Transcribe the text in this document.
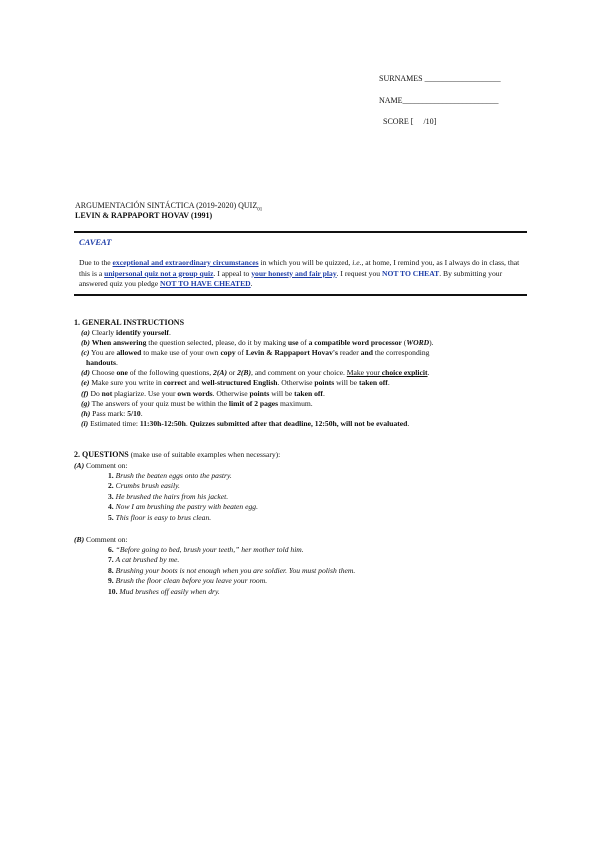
SURNAMES ___________________
NAME________________________
SCORE [     /10]
ARGUMENTACIÓN SINTÁCTICA (2019-2020) $QUIZ_{01}$
LEVIN & RAPPAPORT HOVAV (1991)
CAVEAT
Due to the exceptional and extraordinary circumstances in which you will be quizzed, i.e., at home, I remind you, as I always do in class, that this is a unipersonal quiz not a group quiz. I appeal to your honesty and fair play. I request you NOT TO CHEAT. By submitting your answered quiz you pledge NOT TO HAVE CHEATED.
1. GENERAL INSTRUCTIONS
(a) Clearly identify yourself.
(b) When answering the question selected, please, do it by making use of a compatible word processor (WORD).
(c) You are allowed to make use of your own copy of Levin & Rappaport Hovav's reader and the corresponding
handouts.
(d) Choose one of the following questions, 2(A) or 2(B), and comment on your choice. Make your choice explicit.
(e) Make sure you write in correct and well-structured English. Otherwise points will be taken off.
(f) Do not plagiarize. Use your own words. Otherwise points will be taken off.
(g) The answers of your quiz must be within the limit of 2 pages maximum.
(h) Pass mark: 5/10.
(i) Estimated time: 11:30h-12:50h. Quizzes submitted after that deadline, 12:50h, will not be evaluated.
2. QUESTIONS (make use of suitable examples when necessary):
(A) Comment on:
1. Brush the beaten eggs onto the pastry.
2. Crumbs brush easily.
3. He brushed the hairs from his jacket.
4. Now I am brushing the pastry with beaten egg.
5. This floor is easy to brus clean.
(B) Comment on:
6. “Before going to bed, brush your teeth,” her mother told him.
7. A cat brushed by me.
8. Brushing your boots is not enough when you are soldier. You must polish them.
9. Brush the floor clean before you leave your room.
10. Mud brushes off easily when dry.
